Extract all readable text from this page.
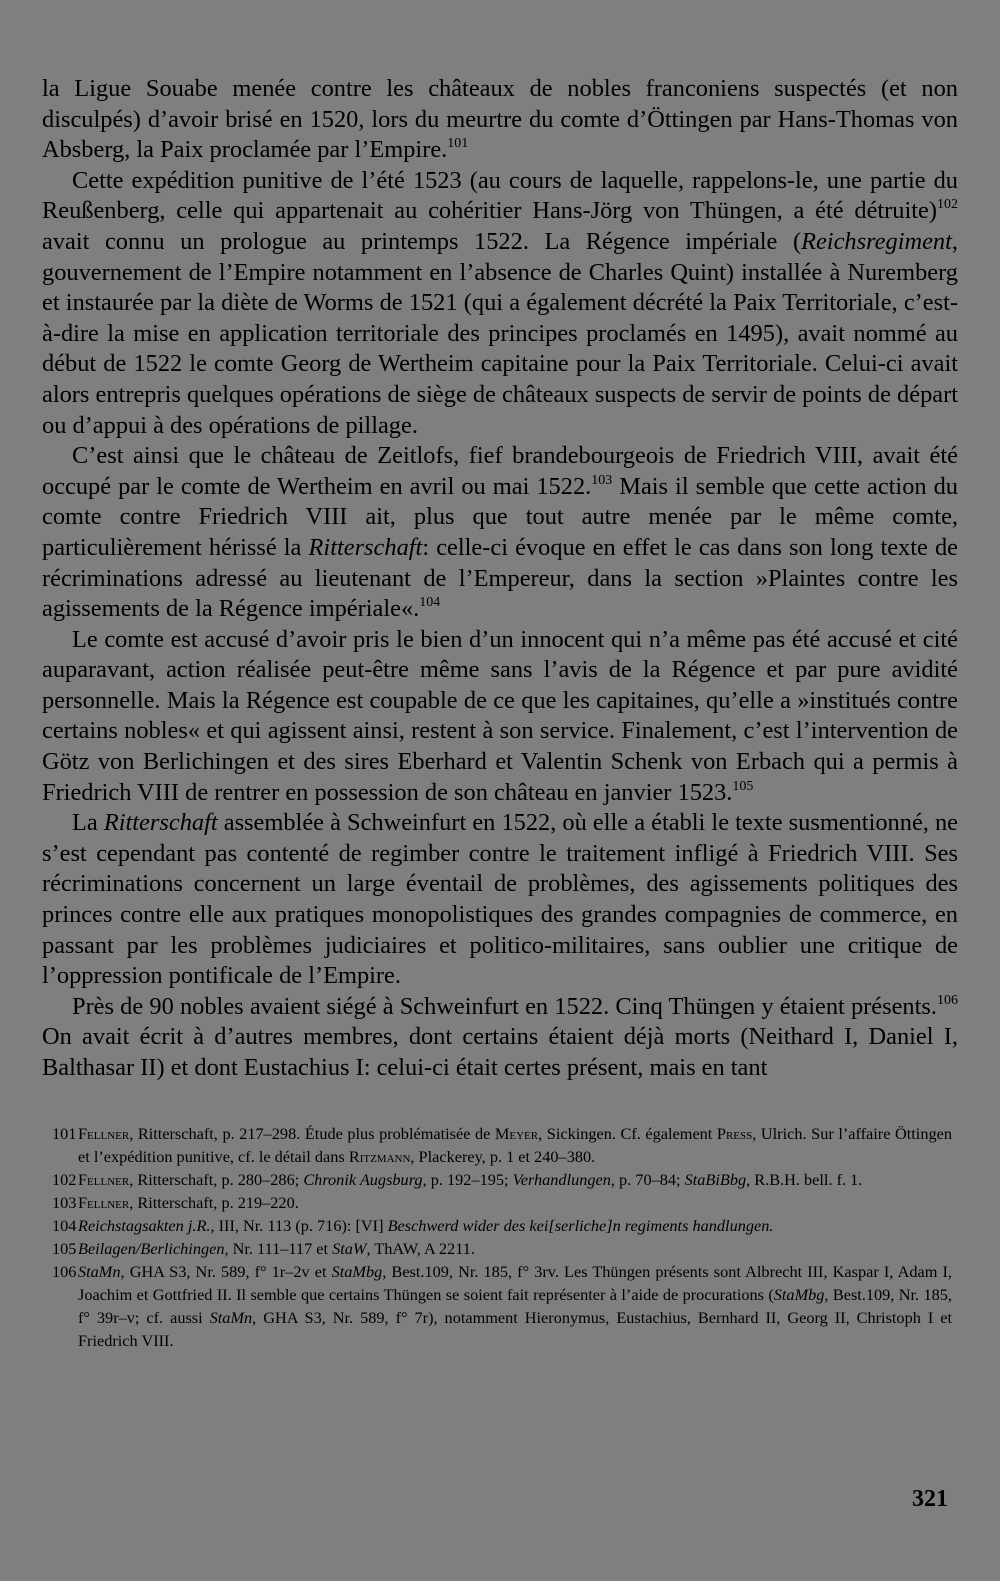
la Ligue Souabe menée contre les châteaux de nobles franconiens suspectés (et non disculpés) d’avoir brisé en 1520, lors du meurtre du comte d’Öttingen par Hans-Thomas von Absberg, la Paix proclamée par l’Empire.$^{101}$

Cette expédition punitive de l’été 1523 (au cours de laquelle, rappelons-le, une partie du Reußenberg, celle qui appartenait au cohéritier Hans-Jörg von Thüngen, a été détruite)$^{102}$ avait connu un prologue au printemps 1522. La Régence impériale (Reichsregiment, gouvernement de l’Empire notamment en l’absence de Charles Quint) installée à Nuremberg et instaurée par la diète de Worms de 1521 (qui a également décrété la Paix Territoriale, c’est-à-dire la mise en application territoriale des principes proclamés en 1495), avait nommé au début de 1522 le comte Georg de Wertheim capitaine pour la Paix Territoriale. Celui-ci avait alors entrepris quelques opérations de siège de châteaux suspects de servir de points de départ ou d’appui à des opérations de pillage.

C’est ainsi que le château de Zeitlofs, fief brandebourgeois de Friedrich VIII, avait été occupé par le comte de Wertheim en avril ou mai 1522.$^{103}$ Mais il semble que cette action du comte contre Friedrich VIII ait, plus que tout autre menée par le même comte, particulièrement hérissé la Ritterschaft: celle-ci évoque en effet le cas dans son long texte de récriminations adressé au lieutenant de l’Empereur, dans la section »Plaintes contre les agissements de la Régence impériale«.$^{104}$

Le comte est accusé d’avoir pris le bien d’un innocent qui n’a même pas été accusé et cité auparavant, action réalisée peut-être même sans l’avis de la Régence et par pure avidité personnelle. Mais la Régence est coupable de ce que les capitaines, qu’elle a »institués contre certains nobles« et qui agissent ainsi, restent à son service. Finalement, c’est l’intervention de Götz von Berlichingen et des sires Eberhard et Valentin Schenk von Erbach qui a permis à Friedrich VIII de rentrer en possession de son château en janvier 1523.$^{105}$

La Ritterschaft assemblée à Schweinfurt en 1522, où elle a établi le texte susmentionné, ne s’est cependant pas contenté de regimber contre le traitement infligé à Friedrich VIII. Ses récriminations concernent un large éventail de problèmes, des agissements politiques des princes contre elle aux pratiques monopolistiques des grandes compagnies de commerce, en passant par les problèmes judiciaires et politico-militaires, sans oublier une critique de l’oppression pontificale de l’Empire.

Près de 90 nobles avaient siégé à Schweinfurt en 1522. Cinq Thüngen y étaient présents.$^{106}$ On avait écrit à d’autres membres, dont certains étaient déjà morts (Neithard I, Daniel I, Balthasar II) et dont Eustachius I: celui-ci était certes présent, mais en tant

101 Fellner, Ritterschaft, p. 217–298. Étude plus problématisée de Meyer, Sickingen. Cf. également Press, Ulrich. Sur l’affaire Öttingen et l’expédition punitive, cf. le détail dans Ritzmann, Plackerey, p. 1 et 240–380.

102 Fellner, Ritterschaft, p. 280–286; Chronik Augsburg, p. 192–195; Verhandlungen, p. 70–84; StaBiBbg, R.B.H. bell. f. 1.

103 Fellner, Ritterschaft, p. 219–220.

104 Reichstagsakten j.R., III, Nr. 113 (p. 716): [VI] Beschwerd wider des kei[serliche]n regiments handlungen.

105 Beilagen/Berlichingen, Nr. 111–117 et StaW, ThAW, A 2211.

106 StaMn, GHA S3, Nr. 589, f° 1r–2v et StaMbg, Best.109, Nr. 185, f° 3rv. Les Thüngen présents sont Albrecht III, Kaspar I, Adam I, Joachim et Gottfried II. Il semble que certains Thüngen se soient fait représenter à l’aide de procurations (StaMbg, Best.109, Nr. 185, f° 39r–v; cf. aussi StaMn, GHA S3, Nr. 589, f° 7r), notamment Hieronymus, Eustachius, Bernhard II, Georg II, Christoph I et Friedrich VIII.

321
